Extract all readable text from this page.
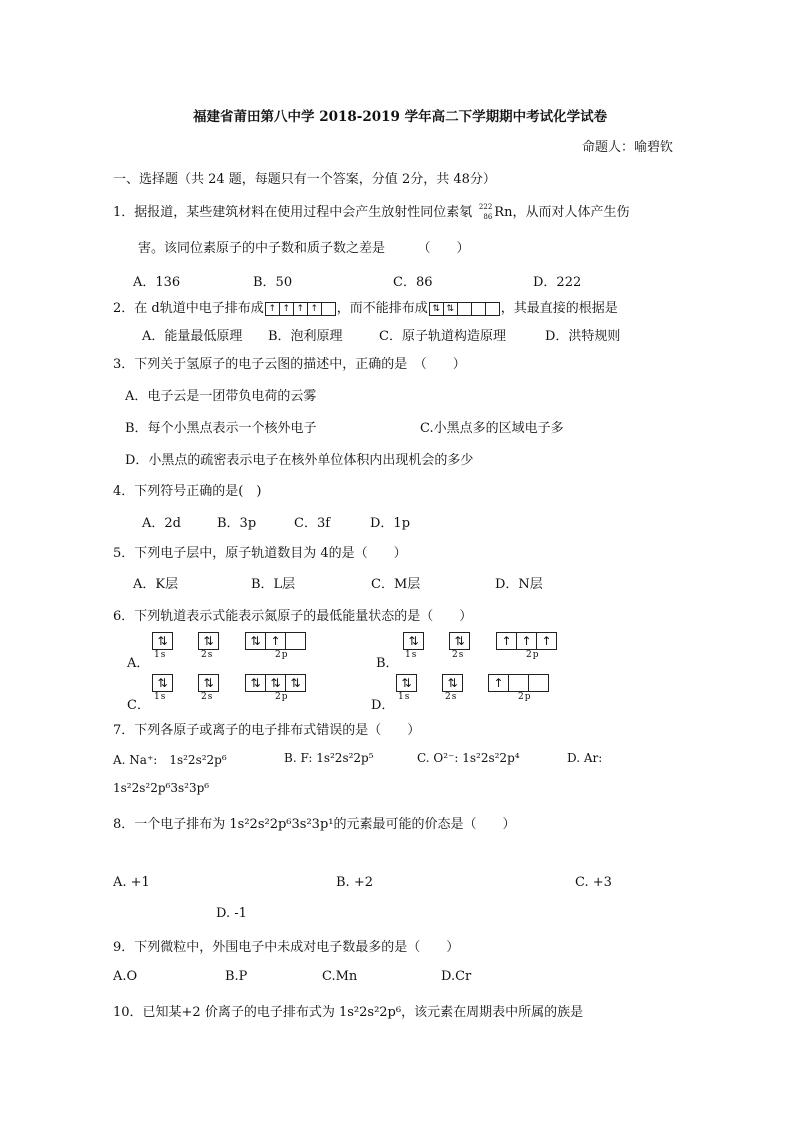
福建省莆田第八中学 2018-2019 学年高二下学期期中考试化学试卷
命题人：喻碧钦
一、选择题（共 24 题，每题只有一个答案，分值 2分，共 48分）
1．据报道，某些建筑材料在使用过程中会产生放射性同位素氡 222
86 Rn，从而对人体产生伤
害。该同位素原子的中子数和质子数之差是　　　（　　）
A．136	B．50	C．86	D．222
2．在 d轨道中电子排布成 ↑ ↑ ↑ ↑ ，而不能排布成 ⇅ ⇅	，其最直接的根据是
A．能量最低原理 B．泡利原理	C．原子轨道构造原理	D．洪特规则
3．下列关于氢原子的电子云图的描述中，正确的是　（　　）
A．电子云是一团带负电荷的云雾
B．每个小黑点表示一个核外电子	C.小黑点多的区域电子多
D．小黑点的疏密表示电子在核外单位体积内出现机会的多少
4．下列符号正确的是(　)
A．2d	B．3p	C．3f	D．1p
5．下列电子层中，原子轨道数目为 4的是（　　）
A．K层	B．L层	C．M层	D．N层
6．下列轨道表示式能表示氮原子的最低能量状态的是（　　）
A．	B．
C．	D．
⇅	⇅	⇅ ↑
1s	2s	2p
⇅	⇅	↑ ↑ ↑
1s	2s	2p
⇅	⇅	⇅ ⇅ ⇅
1s	2s	2p
⇅	⇅	↑
1s	2s	2p
7．下列各原子或离子的电子排布式错误的是（　　）
A. Na⁺:　1s²2s²2p⁶	B. F: 1s²2s²2p⁵	C. O²⁻: 1s²2s²2p⁴	D. Ar:
1s²2s²2p⁶3s²3p⁶
8．一个电子排布为 1s²2s²2p⁶3s²3p¹的元素最可能的价态是（　　）
A. +1	B. +2	C. +3
D. -1
9．下列微粒中，外围电子中未成对电子数最多的是（　　）
A.O	B.P	C.Mn	D.Cr
10．已知某+2 价离子的电子排布式为 1s²2s²2p⁶，该元素在周期表中所属的族是
